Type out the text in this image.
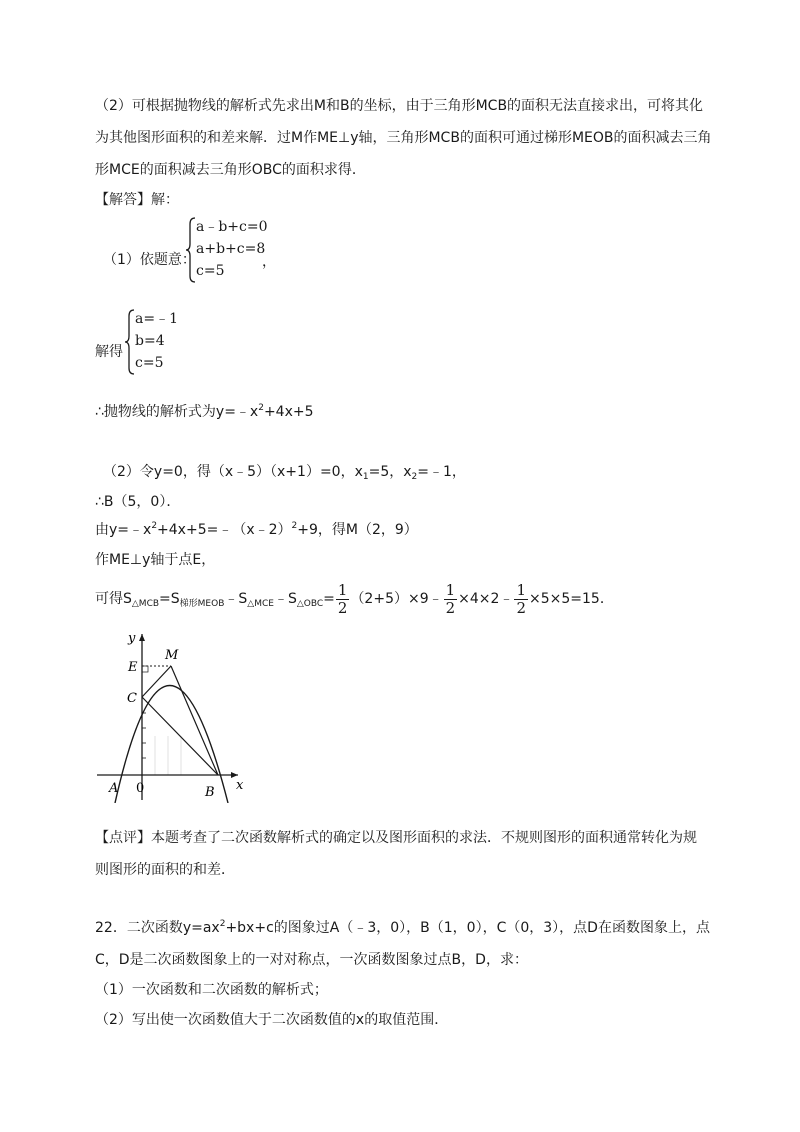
（2）可根据抛物线的解析式先求出M和B的坐标，由于三角形MCB的面积无法直接求出，可将其化
为其他图形面积的和差来解．过M作ME⊥y轴，三角形MCB的面积可通过梯形MEOB的面积减去三角
形MCE的面积减去三角形OBC的面积求得．
【解答】解：
（1）依题意：
a﹣b+c=0
a+b+c=8
c=5
，
解得
a=﹣1
b=4
c=5
∴抛物线的解析式为$y=﹣x^2+4x+5$
（2）令y=0，得（x﹣5）（x+1）=0，$x_1=5$，$x_2=﹣1$，
∴B（5，0）．
由$y=﹣x^2+4x+5=﹣(x﹣2)^2+9$，得M（2，9）
作ME⊥y轴于点E，
可得$S_{\triangle MCB}=S_{梯形MEOB}﹣S_{\triangle MCE}﹣S_{\triangle OBC}= \frac{1}{2}$ （2+5）×9﹣ $\frac{1}{2}$ ×4×2﹣ $\frac{1}{2} \times 5\times 5=15$．
y
x
E
M
C
A 0	B
【点评】本题考查了二次函数解析式的确定以及图形面积的求法．不规则图形的面积通常转化为规
则图形的面积的和差．
22．二次函数$y=ax^2+bx+c$的图象过A（﹣3，0），B（1，0），C（0，3），点D在函数图象上，点
C，D是二次函数图象上的一对对称点，一次函数图象过点B，D，求：
（1）一次函数和二次函数的解析式；
（2）写出使一次函数值大于二次函数值的x的取值范围．
